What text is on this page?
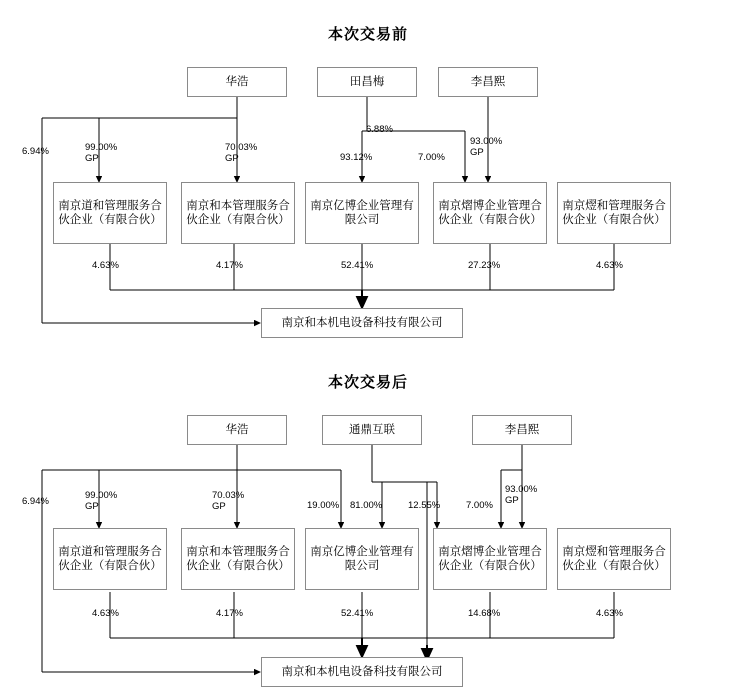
本次交易前
华浩	田昌梅	李昌熙
南京道和管理服务合伙企业（有限合伙）
南京和本管理服务合伙企业（有限合伙）
南京亿博企业管理有限公司
南京熠博企业管理合伙企业（有限合伙）
南京熤和管理服务合伙企业（有限合伙）
南京和本机电设备科技有限公司
6.94%	99.00%
GP
70.03%
GP
6.88%
93.12%	7.00%
93.00%
GP
4.63%	4.17%	52.41%	27.23%	4.63%
本次交易后
华浩	通鼎互联	李昌熙
南京道和管理服务合伙企业（有限合伙）
南京和本管理服务合伙企业（有限合伙）
南京亿博企业管理有限公司
南京熠博企业管理合伙企业（有限合伙）
南京熤和管理服务合伙企业（有限合伙）
南京和本机电设备科技有限公司
6.94%
99.00%
GP
70.03%
GP	19.00% 81.00%	12.55%	7.00%
93.00%
GP
4.63%	4.17%	52.41%	14.68%	4.63%
